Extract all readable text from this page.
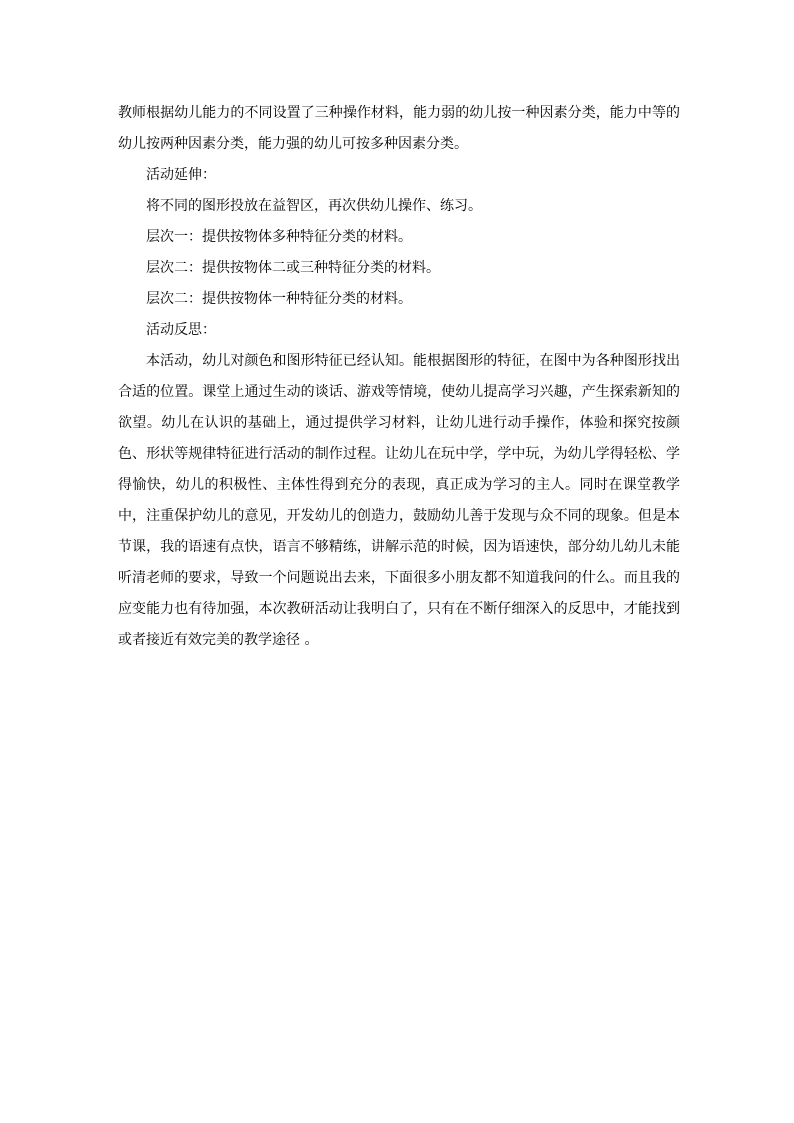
教师根据幼儿能力的不同设置了三种操作材料，能力弱的幼儿按一种因素分类，能力中等的幼儿按两种因素分类，能力强的幼儿可按多种因素分类。

活动延伸：

将不同的图形投放在益智区，再次供幼儿操作、练习。

层次一：提供按物体多种特征分类的材料。

层次二：提供按物体二或三种特征分类的材料。

层次二：提供按物体一种特征分类的材料。

活动反思：

本活动，幼儿对颜色和图形特征已经认知。能根据图形的特征，在图中为各种图形找出合适的位置。课堂上通过生动的谈话、游戏等情境，使幼儿提高学习兴趣，产生探索新知的欲望。幼儿在认识的基础上，通过提供学习材料，让幼儿进行动手操作，体验和探究按颜色、形状等规律特征进行活动的制作过程。让幼儿在玩中学，学中玩，为幼儿学得轻松、学得愉快，幼儿的积极性、主体性得到充分的表现，真正成为学习的主人。同时在课堂教学中，注重保护幼儿的意见，开发幼儿的创造力，鼓励幼儿善于发现与众不同的现象。但是本节课，我的语速有点快，语言不够精练，讲解示范的时候，因为语速快，部分幼儿幼儿未能听清老师的要求，导致一个问题说出去来，下面很多小朋友都不知道我问的什么。而且我的应变能力也有待加强，本次教研活动让我明白了，只有在不断仔细深入的反思中，才能找到或者接近有效完美的教学途径 。
